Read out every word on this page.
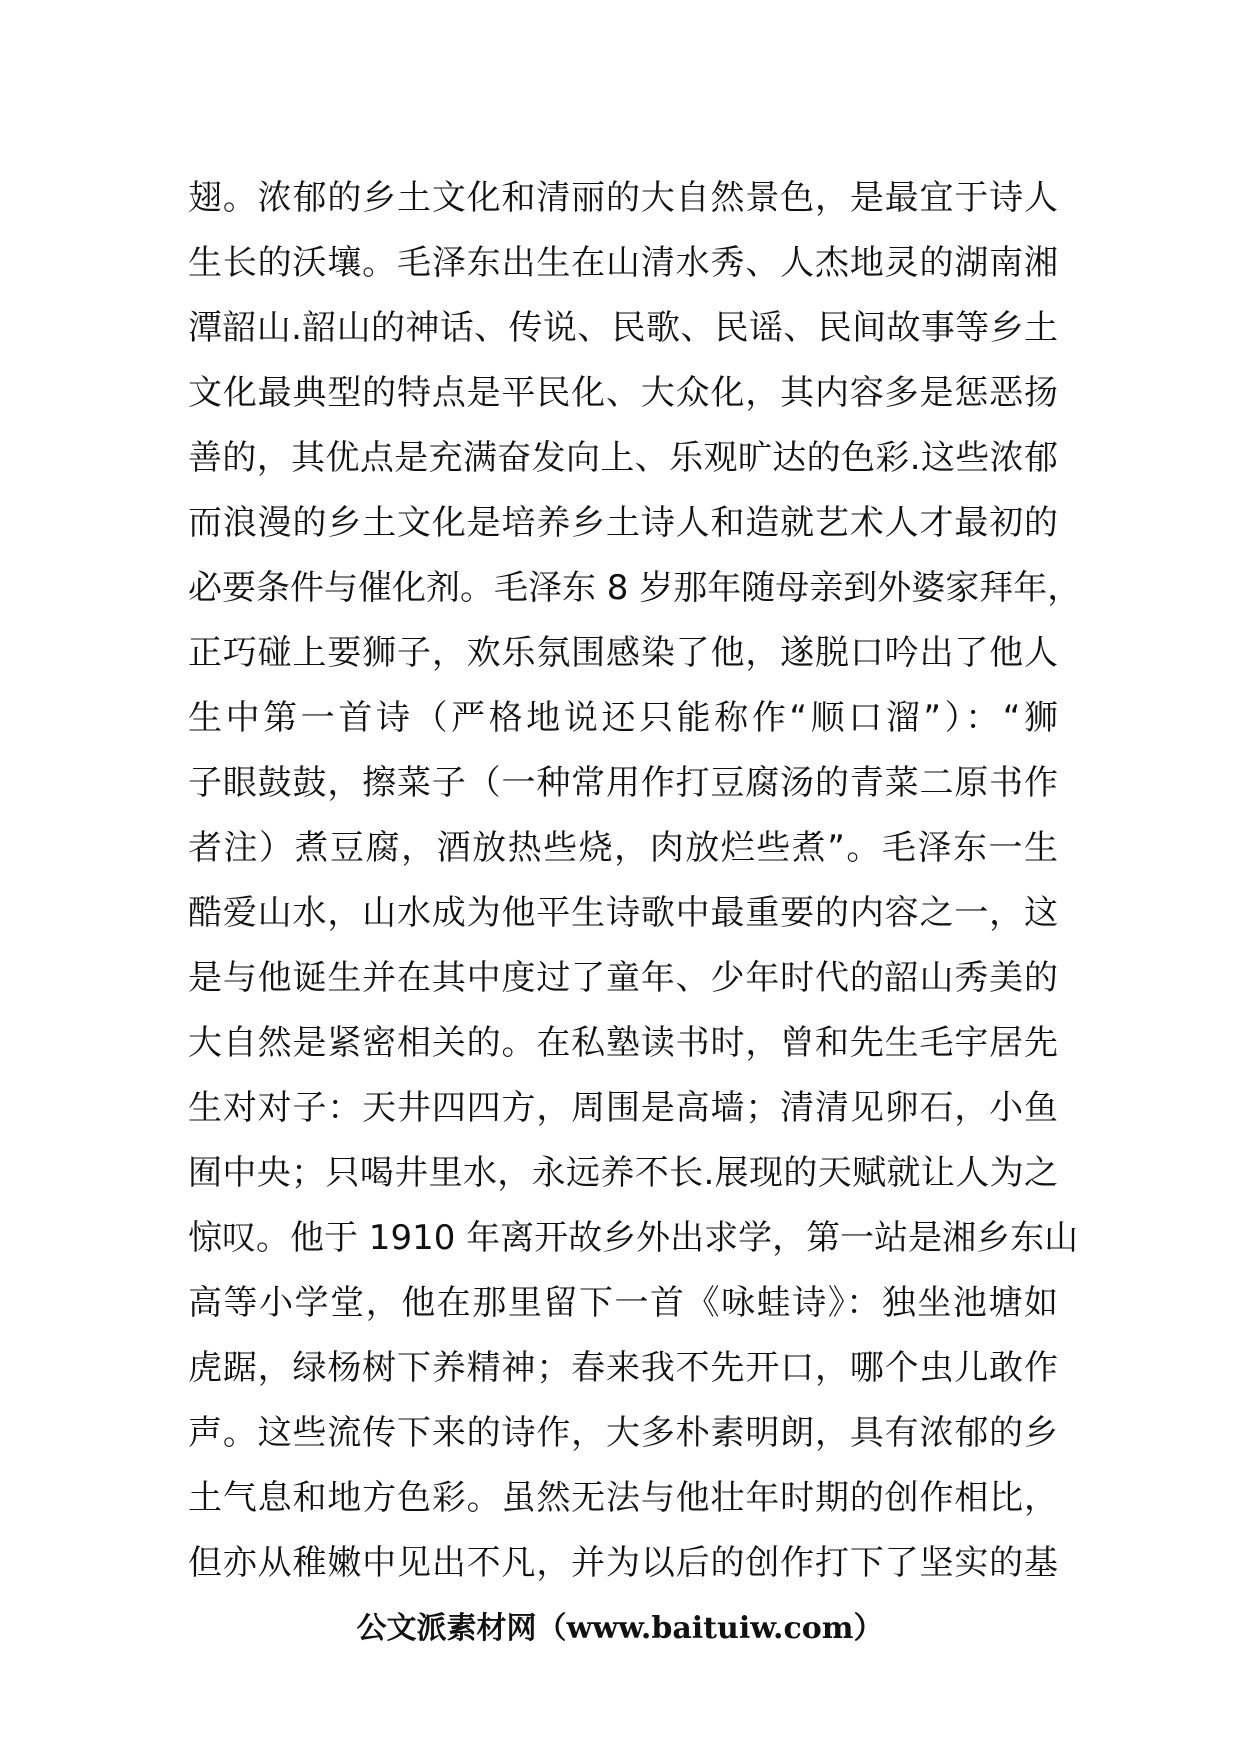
翅。浓郁的乡土文化和清丽的大自然景色，是最宜于诗人
生长的沃壤。毛泽东出生在山清水秀、人杰地灵的湖南湘
潭韶山.韶山的神话、传说、民歌、民谣、民间故事等乡土
文化最典型的特点是平民化、大众化，其内容多是惩恶扬
善的，其优点是充满奋发向上、乐观旷达的色彩.这些浓郁
而浪漫的乡土文化是培养乡土诗人和造就艺术人才最初的
必要条件与催化剂。毛泽东 8 岁那年随母亲到外婆家拜年，
正巧碰上要狮子，欢乐氛围感染了他，遂脱口吟出了他人
生中第一首诗（严格地说还只能称作“顺口溜”）：“狮
子眼鼓鼓，擦菜子（一种常用作打豆腐汤的青菜二原书作
者注）煮豆腐，酒放热些烧，肉放烂些煮”。毛泽东一生
酷爱山水，山水成为他平生诗歌中最重要的内容之一，这
是与他诞生并在其中度过了童年、少年时代的韶山秀美的
大自然是紧密相关的。在私塾读书时，曾和先生毛宇居先
生对对子：天井四四方，周围是高墙；清清见卵石，小鱼
囿中央；只喝井里水，永远养不长.展现的天赋就让人为之
惊叹。他于 1910 年离开故乡外出求学，第一站是湘乡东山
高等小学堂，他在那里留下一首《咏蛙诗》：独坐池塘如
虎踞，绿杨树下养精神；春来我不先开口，哪个虫儿敢作
声。这些流传下来的诗作，大多朴素明朗，具有浓郁的乡
土气息和地方色彩。虽然无法与他壮年时期的创作相比，
但亦从稚嫩中见出不凡，并为以后的创作打下了坚实的基
公文派素材网（www.baituiw.com）
